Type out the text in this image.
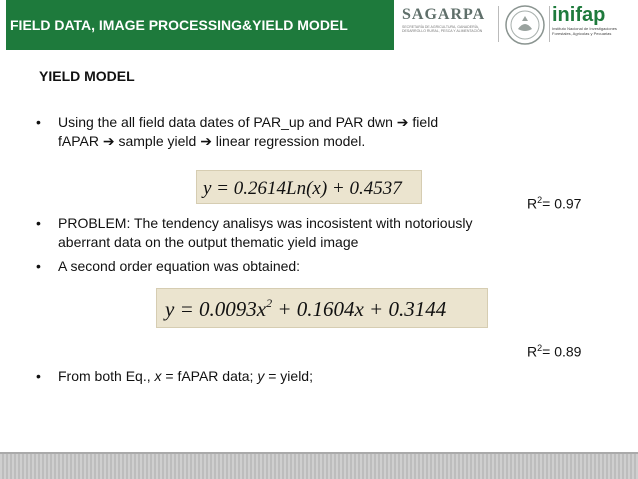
FIELD DATA, IMAGE PROCESSING&YIELD MODEL
SAGARPA
SECRETARÍA DE AGRICULTURA, GANADERÍA, DESARROLLO RURAL, PESCA Y ALIMENTACIÓN
inifap
Instituto Nacional de Investigaciones Forestales, Agrícolas y Pecuarias
YIELD MODEL
• Using the all field data dates of PAR_up and PAR dwn ➔ field
fAPAR ➔ sample yield ➔ linear regression model.
y = 0.2614Ln(x) + 0.4537
$R^2= 0.97$
• PROBLEM: The tendency analisys was incosistent with notoriously
aberrant data on the output thematic yield image
• A second order equation was obtained:
$y = 0.0093x^2 + 0.1604x + 0.3144$
$R^2= 0.89$
• From both Eq., x = fAPAR data; y = yield;
